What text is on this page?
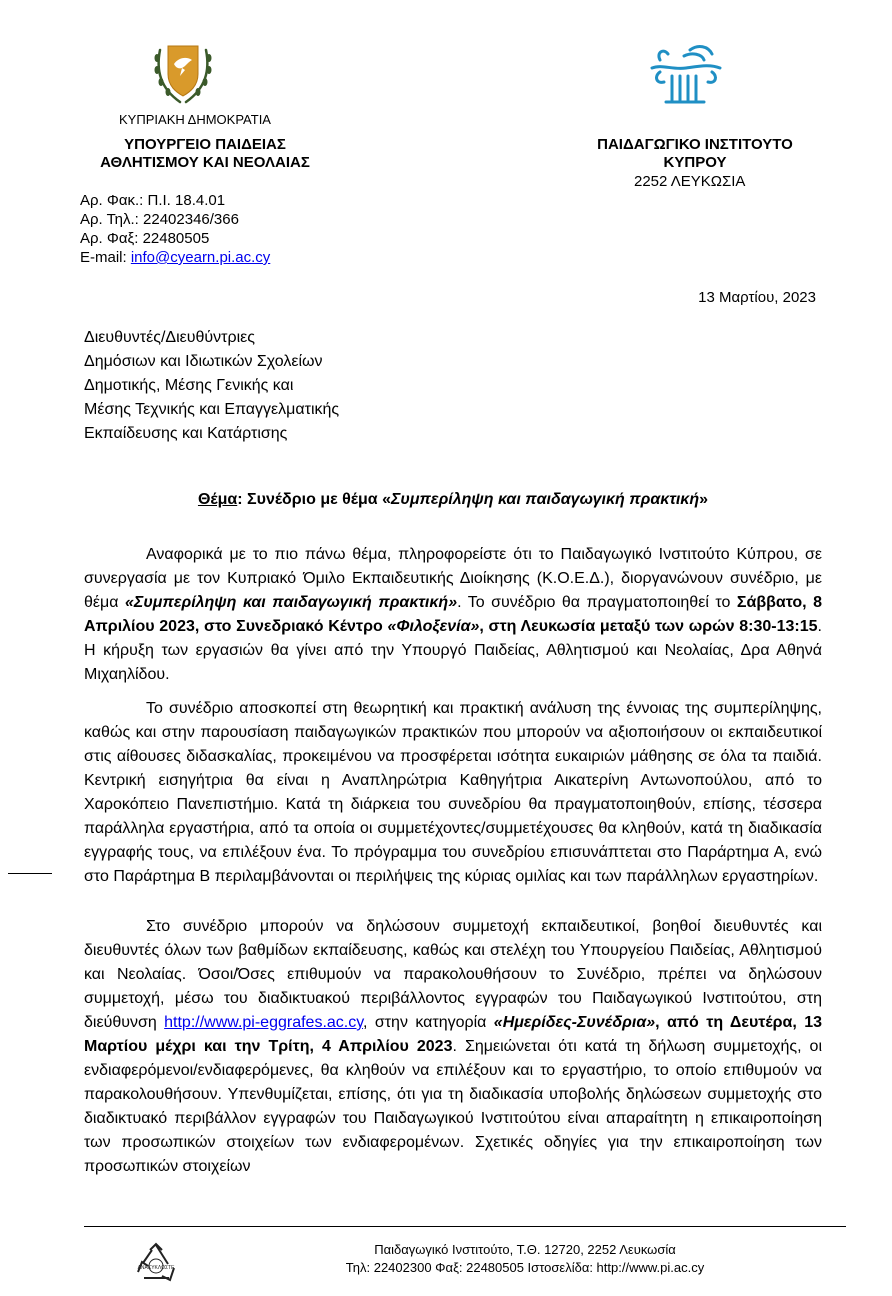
ΚΥΠΡΙΑΚΗ ΔΗΜΟΚΡΑΤΙΑ
ΥΠΟΥΡΓΕΙΟ ΠΑΙΔΕΙΑΣ
ΑΘΛΗΤΙΣΜΟΥ ΚΑΙ ΝΕΟΛΑΙΑΣ
ΠΑΙΔΑΓΩΓΙΚΟ ΙΝΣΤΙΤΟΥΤΟ
ΚΥΠΡΟΥ
2252 ΛΕΥΚΩΣΙΑ
Αρ. Φακ.: Π.Ι. 18.4.01
Αρ. Τηλ.: 22402346/366
Αρ. Φαξ: 22480505
E-mail: info@cyearn.pi.ac.cy
13 Μαρτίου, 2023
Διευθυντές/Διευθύντριες
Δημόσιων και Ιδιωτικών Σχολείων
Δημοτικής, Μέσης Γενικής και
Μέσης Τεχνικής και Επαγγελματικής
Εκπαίδευσης και Κατάρτισης
Θέμα: Συνέδριο με θέμα «Συμπερίληψη και παιδαγωγική πρακτική»
Αναφορικά με το πιο πάνω θέμα, πληροφορείστε ότι το Παιδαγωγικό Ινστιτούτο Κύπρου, σε συνεργασία με τον Κυπριακό Όμιλο Εκπαιδευτικής Διοίκησης (Κ.Ο.Ε.Δ.), διοργανώνουν συνέδριο, με θέμα «Συμπερίληψη και παιδαγωγική πρακτική». Το συνέδριο θα πραγματοποιηθεί το Σάββατο, 8 Απριλίου 2023, στο Συνεδριακό Κέντρο «Φιλοξενία», στη Λευκωσία μεταξύ των ωρών 8:30-13:15. Η κήρυξη των εργασιών θα γίνει από την Υπουργό Παιδείας, Αθλητισμού και Νεολαίας, Δρα Αθηνά Μιχαηλίδου.
Το συνέδριο αποσκοπεί στη θεωρητική και πρακτική ανάλυση της έννοιας της συμπερίληψης, καθώς και στην παρουσίαση παιδαγωγικών πρακτικών που μπορούν να αξιοποιήσουν οι εκπαιδευτικοί στις αίθουσες διδασκαλίας, προκειμένου να προσφέρεται ισότητα ευκαιριών μάθησης σε όλα τα παιδιά. Κεντρική εισηγήτρια θα είναι η Αναπληρώτρια Καθηγήτρια Αικατερίνη Αντωνοπούλου, από το Χαροκόπειο Πανεπιστήμιο. Κατά τη διάρκεια του συνεδρίου θα πραγματοποιηθούν, επίσης, τέσσερα παράλληλα εργαστήρια, από τα οποία οι συμμετέχοντες/συμμετέχουσες θα κληθούν, κατά τη διαδικασία εγγραφής τους, να επιλέξουν ένα. Το πρόγραμμα του συνεδρίου επισυνάπτεται στο Παράρτημα Α, ενώ στο Παράρτημα Β περιλαμβάνονται οι περιλήψεις της κύριας ομιλίας και των παράλληλων εργαστηρίων.
Στο συνέδριο μπορούν να δηλώσουν συμμετοχή εκπαιδευτικοί, βοηθοί διευθυντές και διευθυντές όλων των βαθμίδων εκπαίδευσης, καθώς και στελέχη του Υπουργείου Παιδείας, Αθλητισμού και Νεολαίας. Όσοι/Όσες επιθυμούν να παρακολουθήσουν το Συνέδριο, πρέπει να δηλώσουν συμμετοχή, μέσω του διαδικτυακού περιβάλλοντος εγγραφών του Παιδαγωγικού Ινστιτούτου, στη διεύθυνση http://www.pi-eggrafes.ac.cy, στην κατηγορία «Ημερίδες-Συνέδρια», από τη Δευτέρα, 13 Μαρτίου μέχρι και την Τρίτη, 4 Απριλίου 2023. Σημειώνεται ότι κατά τη δήλωση συμμετοχής, οι ενδιαφερόμενοι/ενδιαφερόμενες, θα κληθούν να επιλέξουν και το εργαστήριο, το οποίο επιθυμούν να παρακολουθήσουν. Υπενθυμίζεται, επίσης, ότι για τη διαδικασία υποβολής δηλώσεων συμμετοχής στο διαδικτυακό περιβάλλον εγγραφών του Παιδαγωγικού Ινστιτούτου είναι απαραίτητη η επικαιροποίηση των προσωπικών στοιχείων των ενδιαφερομένων. Σχετικές οδηγίες για την επικαιροποίηση των προσωπικών στοιχείων
ΑΝΑΚΥΚΛΩΣΤΕ
Παιδαγωγικό Ινστιτούτο, Τ.Θ. 12720, 2252 Λευκωσία
Τηλ: 22402300 Φαξ: 22480505 Ιστοσελίδα: http://www.pi.ac.cy
